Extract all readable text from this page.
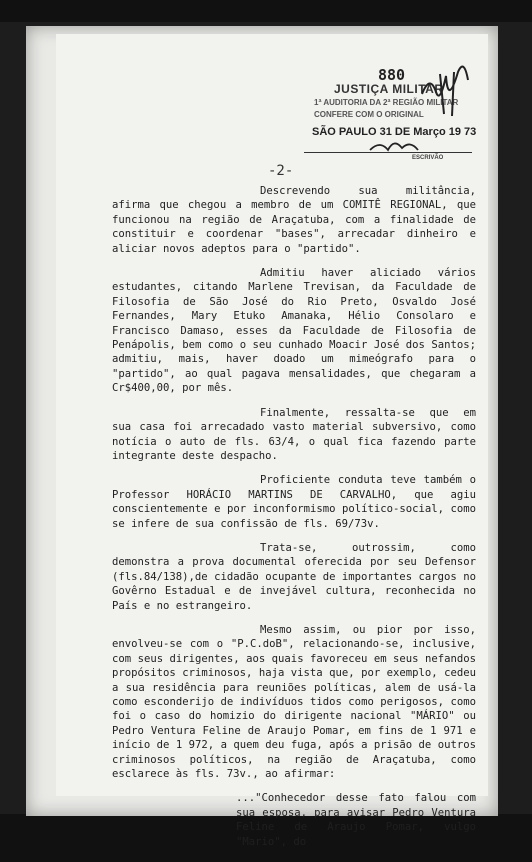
880
JUSTIÇA MILITAR
1ª AUDITORIA DA 2ª REGIÃO MILITAR
CONFERE COM O ORIGINAL
SÃO PAULO 31 DE Março 19 73
ESCRIVÃO
-2-

Descrevendo sua militância, afirma que chegou a membro de um COMITÊ REGIONAL, que funcionou na região de Araçatuba, com a finalidade de constituir e coordenar "bases", arrecadar dinheiro e aliciar novos adeptos para o "partido".

Admitiu haver aliciado vários estudantes, citando Marlene Trevisan, da Faculdade de Filosofia de São José do Rio Preto, Osvaldo José Fernandes, Mary Etuko Amanaka, Hélio Consolaro e Francisco Damaso, esses da Faculdade de Filosofia de Penápolis, bem como o seu cunhado Moacir José dos Santos; admitiu, mais, haver doado um mimeógrafo para o "partido", ao qual pagava mensalidades, que chegaram a Cr$400,00, por mês.

Finalmente, ressalta-se que em sua casa foi arrecadado vasto material subversivo, como notícia o auto de fls. 63/4, o qual fica fazendo parte integrante deste despacho.

Proficiente conduta teve também o Professor HORÁCIO MARTINS DE CARVALHO, que agiu conscientemente e por inconformismo político-social, como se infere de sua confissão de fls. 69/73v.

Trata-se, outrossim, como demonstra a prova documental oferecida por seu Defensor (fls.84/138),de cidadão ocupante de importantes cargos no Govêrno Estadual e de invejável cultura, reconhecida no País e no estrangeiro.

Mesmo assim, ou pior por isso, envolveu-se com o "P.C.doB", relacionando-se, inclusive, com seus dirigentes, aos quais favoreceu em seus nefandos propósitos criminosos, haja vista que, por exemplo, cedeu a sua residência para reuniões políticas, alem de usá-la como esconderijo de indivíduos tidos como perigosos, como foi o caso do homizio do dirigente nacional "MÁRIO" ou Pedro Ventura Feline de Araujo Pomar, em fins de 1 971 e início de 1 972, a quem deu fuga, após a prisão de outros criminosos políticos, na região de Araçatuba, como esclarece às fls. 73v., ao afirmar:

..."Conhecedor desse fato falou com sua esposa, para avisar Pedro Ventura Feline de Araujo Pomar, vulgo "Mario", do
